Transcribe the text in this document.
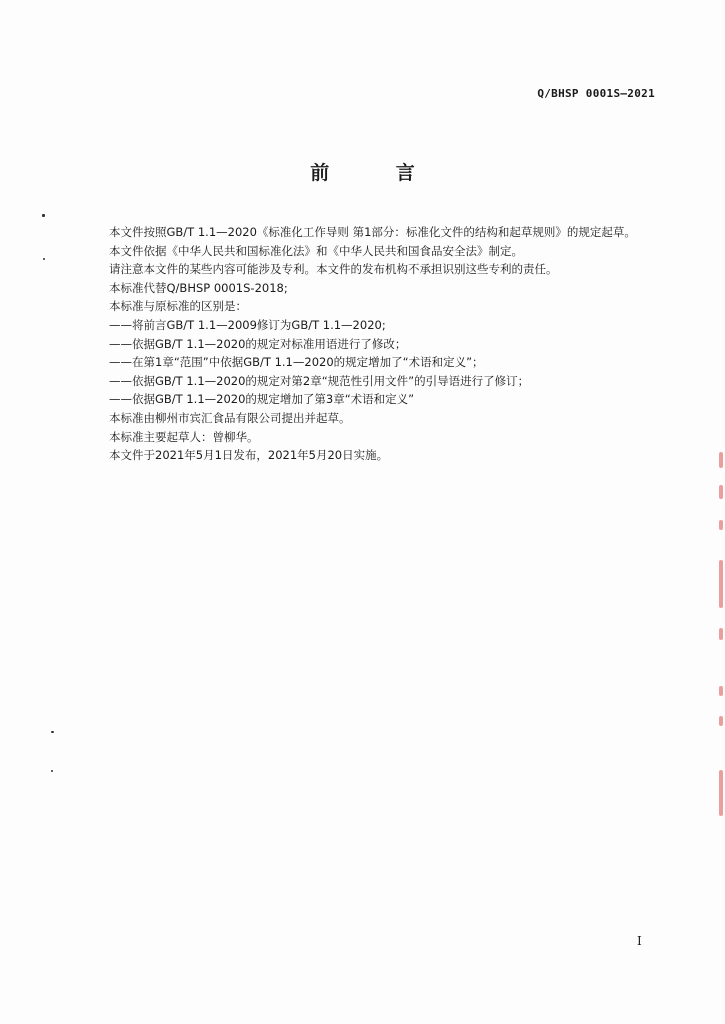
Q/BHSP 0001S—2021
前 言

本文件按照GB/T 1.1—2020《标准化工作导则 第1部分：标准化文件的结构和起草规则》的规定起草。

本文件依据《中华人民共和国标准化法》和《中华人民共和国食品安全法》制定。

请注意本文件的某些内容可能涉及专利。本文件的发布机构不承担识别这些专利的责任。

本标准代替Q/BHSP 0001S-2018;

本标准与原标准的区别是：

——将前言GB/T 1.1—2009修订为GB/T 1.1—2020;

——依据GB/T 1.1—2020的规定对标准用语进行了修改；

——在第1章“范围”中依据GB/T 1.1—2020的规定增加了“术语和定义”；

——依据GB/T 1.1—2020的规定对第2章“规范性引用文件”的引导语进行了修订；

——依据GB/T 1.1—2020的规定增加了第3章“术语和定义”

本标准由柳州市宾汇食品有限公司提出并起草。

本标准主要起草人：曾柳华。

本文件于2021年5月1日发布，2021年5月20日实施。

I
